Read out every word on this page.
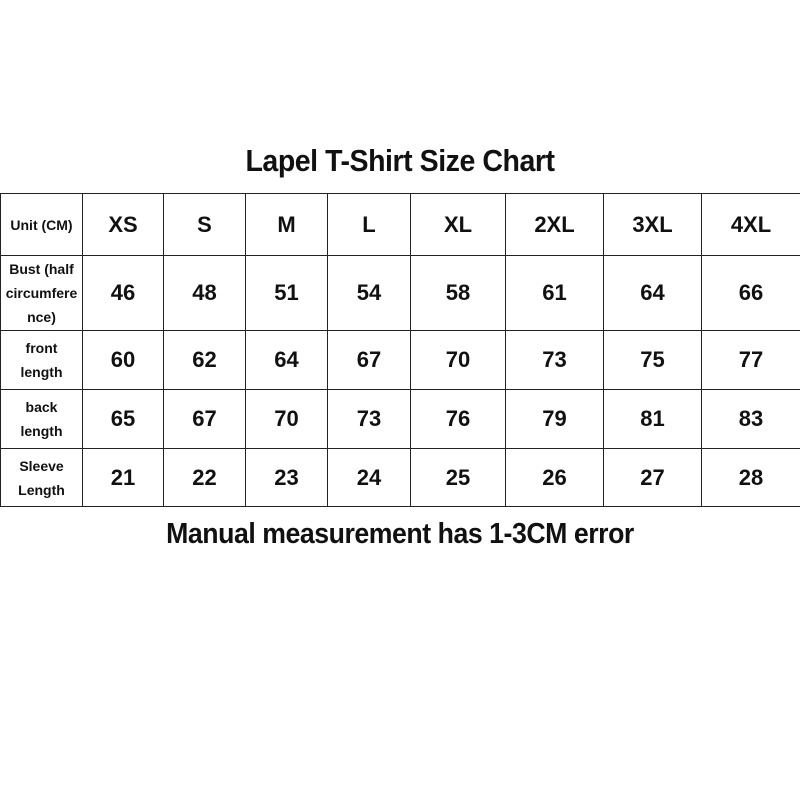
Lapel T-Shirt Size Chart
Unit (CM)	XS	S	M	L	XL	2XL	3XL	4XL

Bust (half
circumfere
nce)	46	48	51	54	58	61	64	66

front
length	60	62	64	67	70	73	75	77

back
length	65	67	70	73	76	79	81	83

Sleeve
Length	21	22	23	24	25	26	27	28
Manual measurement has 1-3CM error
